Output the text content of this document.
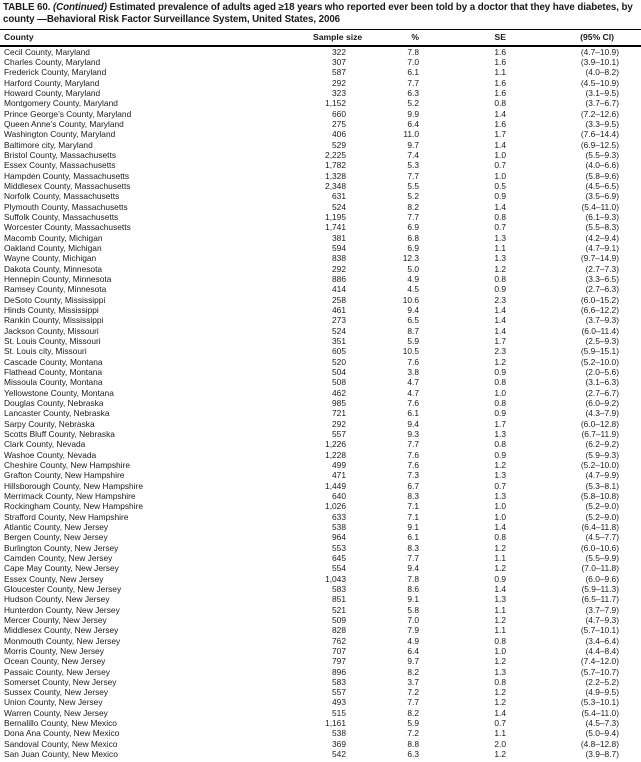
TABLE 60. (Continued) Estimated prevalence of adults aged ≥18 years who reported ever been told by a doctor that they have diabetes, by county —Behavioral Risk Factor Surveillance System, United States, 2006
County	Sample size	%	SE	(95% CI)	
Cecil County, Maryland	322	7.8	1.6	(4.7–10.9)	
Charles County, Maryland	307	7.0	1.6	(3.9–10.1)	
Frederick County, Maryland	587	6.1	1.1	(4.0–8.2)	
Harford County, Maryland	292	7.7	1.6	(4.5–10.9)	
Howard County, Maryland	323	6.3	1.6	(3.1–9.5)	
Montgomery County, Maryland	1,152	5.2	0.8	(3.7–6.7)	
Prince George’s County, Maryland	660	9.9	1.4	(7.2–12.6)	
Queen Anne’s County, Maryland	275	6.4	1.6	(3.3–9.5)	
Washington County, Maryland	406	11.0	1.7	(7.6–14.4)	
Baltimore city, Maryland	529	9.7	1.4	(6.9–12.5)	
Bristol County, Massachusetts	2,225	7.4	1.0	(5.5–9.3)	
Essex County, Massachusetts	1,782	5.3	0.7	(4.0–6.6)	
Hampden County, Massachusetts	1,328	7.7	1.0	(5.8–9.6)	
Middlesex County, Massachusetts	2,348	5.5	0.5	(4.5–6.5)	
Norfolk County, Massachusetts	631	5.2	0.9	(3.5–6.9)	
Plymouth County, Massachusetts	524	8.2	1.4	(5.4–11.0)	
Suffolk County, Massachusetts	1,195	7.7	0.8	(6.1–9.3)	
Worcester County, Massachusetts	1,741	6.9	0.7	(5.5–8.3)	
Macomb County, Michigan	381	6.8	1.3	(4.2–9.4)	
Oakland County, Michigan	594	6.9	1.1	(4.7–9.1)	
Wayne County, Michigan	838	12.3	1.3	(9.7–14.9)	
Dakota County, Minnesota	292	5.0	1.2	(2.7–7.3)	
Hennepin County, Minnesota	886	4.9	0.8	(3.3–6.5)	
Ramsey County, Minnesota	414	4.5	0.9	(2.7–6.3)	
DeSoto County, Mississippi	258	10.6	2.3	(6.0–15.2)	
Hinds County, Mississippi	461	9.4	1.4	(6.6–12.2)	
Rankin County, Mississippi	273	6.5	1.4	(3.7–9.3)	
Jackson County, Missouri	524	8.7	1.4	(6.0–11.4)	
St. Louis County, Missouri	351	5.9	1.7	(2.5–9.3)	
St. Louis city, Missouri	605	10.5	2.3	(5.9–15.1)	
Cascade County, Montana	520	7.6	1.2	(5.2–10.0)	
Flathead County, Montana	504	3.8	0.9	(2.0–5.6)	
Missoula County, Montana	508	4.7	0.8	(3.1–6.3)	
Yellowstone County, Montana	462	4.7	1.0	(2.7–6.7)	
Douglas County, Nebraska	985	7.6	0.8	(6.0–9.2)	
Lancaster County, Nebraska	721	6.1	0.9	(4.3–7.9)	
Sarpy County, Nebraska	292	9.4	1.7	(6.0–12.8)	
Scotts Bluff County, Nebraska	557	9.3	1.3	(6.7–11.9)	
Clark County, Nevada	1,226	7.7	0.8	(6.2–9.2)	
Washoe County, Nevada	1,228	7.6	0.9	(5.9–9.3)	
Cheshire County, New Hampshire	499	7.6	1.2	(5.2–10.0)	
Grafton County, New Hampshire	471	7.3	1.3	(4.7–9.9)	
Hillsborough County, New Hampshire	1,449	6.7	0.7	(5.3–8.1)	
Merrimack County, New Hampshire	640	8.3	1.3	(5.8–10.8)	
Rockingham County, New Hampshire	1,026	7.1	1.0	(5.2–9.0)	
Strafford County, New Hampshire	633	7.1	1.0	(5.2–9.0)	
Atlantic County, New Jersey	538	9.1	1.4	(6.4–11.8)	
Bergen County, New Jersey	964	6.1	0.8	(4.5–7.7)	
Burlington County, New Jersey	553	8.3	1.2	(6.0–10.6)	
Camden County, New Jersey	645	7.7	1.1	(5.5–9.9)	
Cape May County, New Jersey	554	9.4	1.2	(7.0–11.8)	
Essex County, New Jersey	1,043	7.8	0.9	(6.0–9.6)	
Gloucester County, New Jersey	583	8.6	1.4	(5.9–11.3)	
Hudson County, New Jersey	851	9.1	1.3	(6.5–11.7)	
Hunterdon County, New Jersey	521	5.8	1.1	(3.7–7.9)	
Mercer County, New Jersey	509	7.0	1.2	(4.7–9.3)	
Middlesex County, New Jersey	828	7.9	1.1	(5.7–10.1)	
Monmouth County, New Jersey	762	4.9	0.8	(3.4–6.4)	
Morris County, New Jersey	707	6.4	1.0	(4.4–8.4)	
Ocean County, New Jersey	797	9.7	1.2	(7.4–12.0)	
Passaic County, New Jersey	896	8.2	1.3	(5.7–10.7)	
Somerset County, New Jersey	583	3.7	0.8	(2.2–5.2)	
Sussex County, New Jersey	557	7.2	1.2	(4.9–9.5)	
Union County, New Jersey	493	7.7	1.2	(5.3–10.1)	
Warren County, New Jersey	515	8.2	1.4	(5.4–11.0)	
Bernalillo County, New Mexico	1,161	5.9	0.7	(4.5–7.3)	
Dona Ana County, New Mexico	538	7.2	1.1	(5.0–9.4)	
Sandoval County, New Mexico	369	8.8	2.0	(4.8–12.8)	
San Juan County, New Mexico	542	6.3	1.2	(3.9–8.7)	
